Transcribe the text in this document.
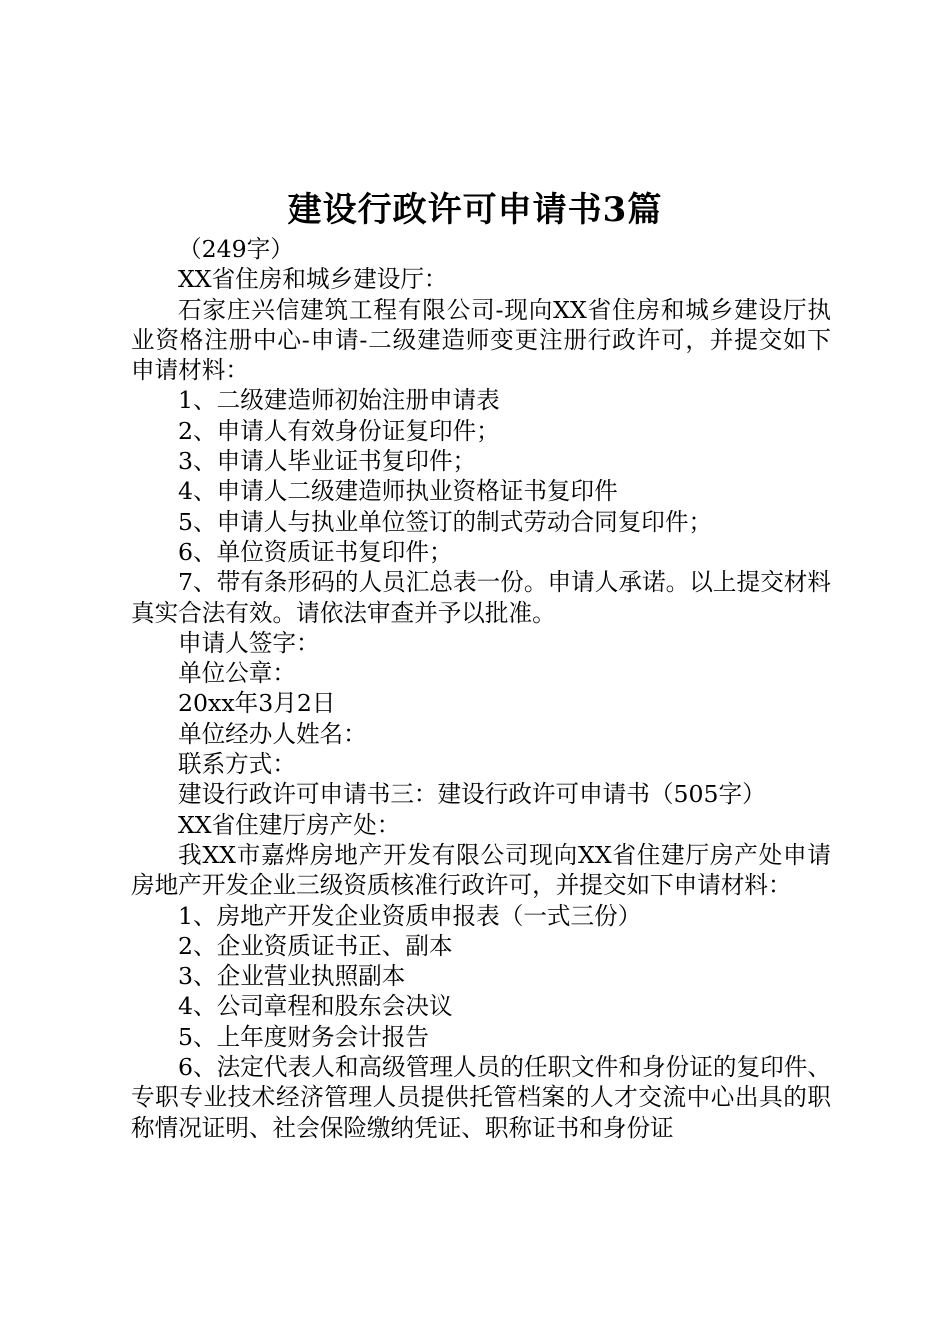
建设行政许可申请书3篇

（249字）

XX省住房和城乡建设厅：

石家庄兴信建筑工程有限公司-现向XX省住房和城乡建设厅执业资格注册中心-申请-二级建造师变更注册行政许可，并提交如下申请材料：

1、二级建造师初始注册申请表

2、申请人有效身份证复印件；

3、申请人毕业证书复印件；

4、申请人二级建造师执业资格证书复印件

5、申请人与执业单位签订的制式劳动合同复印件；

6、单位资质证书复印件；

7、带有条形码的人员汇总表一份。申请人承诺。以上提交材料真实合法有效。请依法审查并予以批准。

申请人签字：

单位公章：

20xx年3月2日

单位经办人姓名：

联系方式：

建设行政许可申请书三：建设行政许可申请书（505字）

XX省住建厅房产处：

我XX市嘉烨房地产开发有限公司现向XX省住建厅房产处申请房地产开发企业三级资质核准行政许可，并提交如下申请材料：

1、房地产开发企业资质申报表（一式三份）

2、企业资质证书正、副本

3、企业营业执照副本

4、公司章程和股东会决议

5、上年度财务会计报告

6、法定代表人和高级管理人员的任职文件和身份证的复印件、专职专业技术经济管理人员提供托管档案的人才交流中心出具的职称情况证明、社会保险缴纳凭证、职称证书和身份证
